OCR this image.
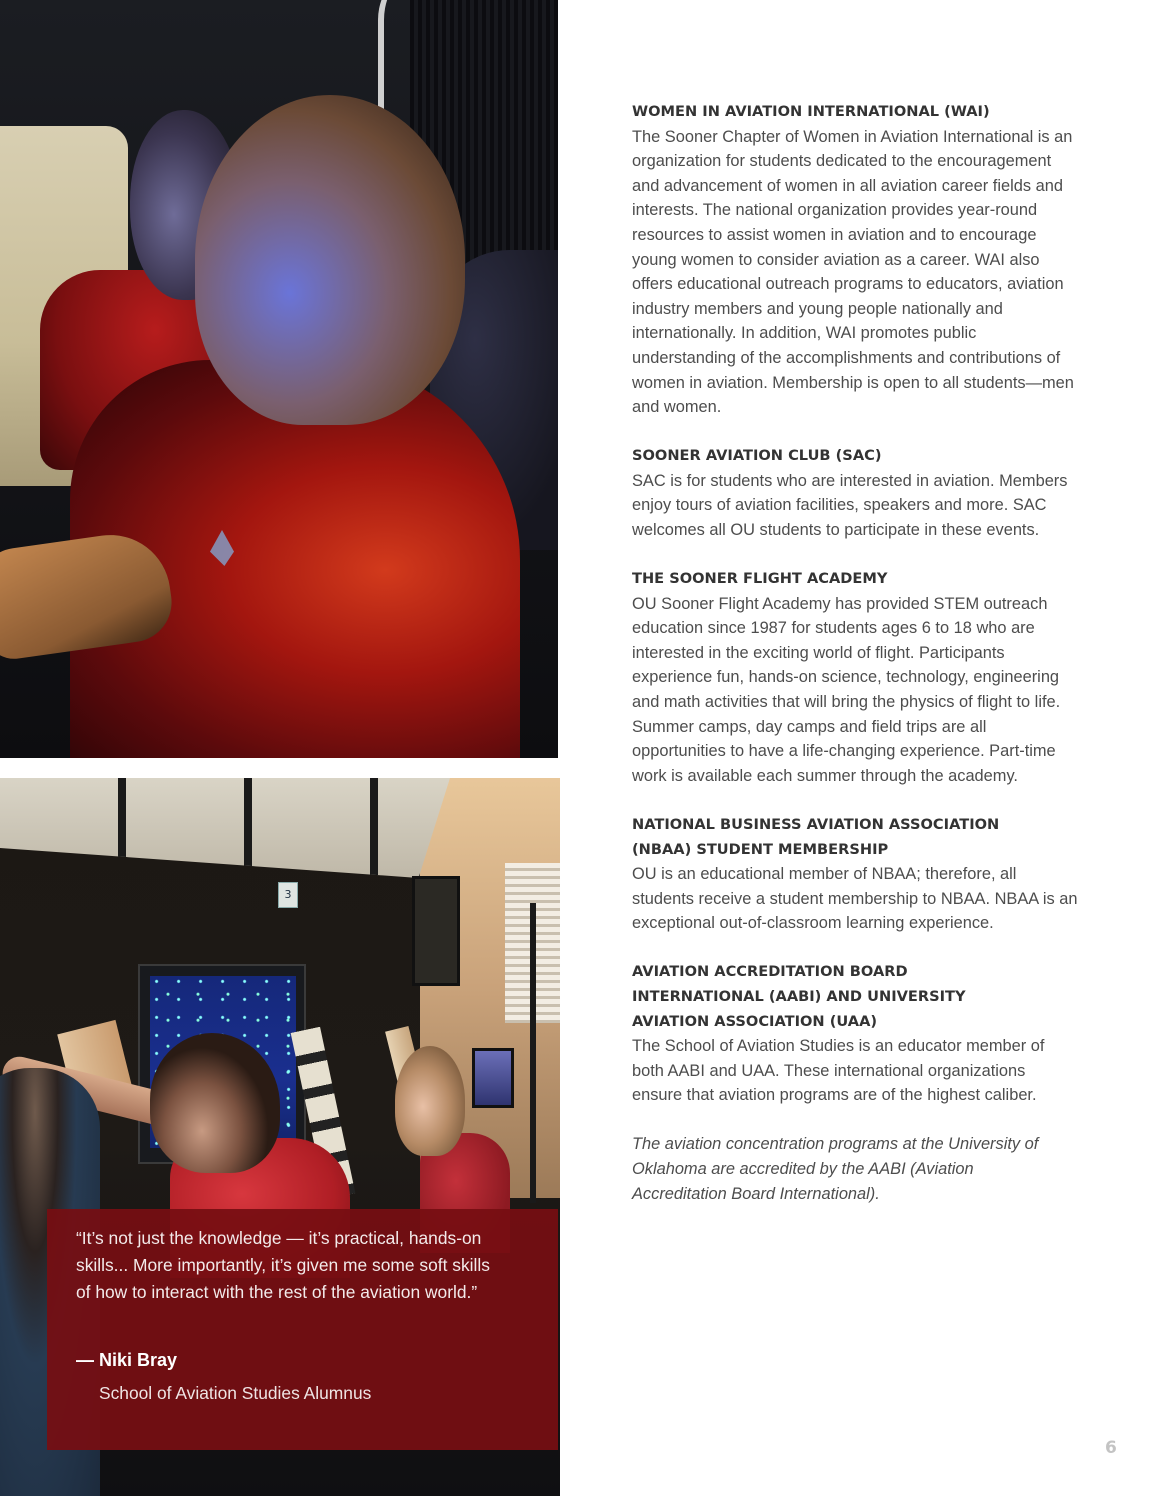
3

“It’s not just the knowledge — it’s practical, hands-on skills... More importantly, it’s given me some soft skills of how to interact with the rest of the aviation world.”

— Niki Bray

School of Aviation Studies Alumnus

WOMEN IN AVIATION INTERNATIONAL (WAI)

The Sooner Chapter of Women in Aviation International is an organization for students dedicated to the encouragement and advancement of women in all aviation career fields and interests. The national organization provides year-round resources to assist women in aviation and to encourage young women to consider aviation as a career. WAI also offers educational outreach programs to educators, aviation industry members and young people nationally and internationally. In addition, WAI promotes public understanding of the accomplishments and contributions of women in aviation. Membership is open to all students—men and women.

SOONER AVIATION CLUB (SAC)

SAC is for students who are interested in aviation. Members enjoy tours of aviation facilities, speakers and more. SAC welcomes all OU students to participate in these events.

THE SOONER FLIGHT ACADEMY

OU Sooner Flight Academy has provided STEM outreach education since 1987 for students ages 6 to 18 who are interested in the exciting world of flight. Participants experience fun, hands-on science, technology, engineering and math activities that will bring the physics of flight to life. Summer camps, day camps and field trips are all opportunities to have a life-changing experience. Part-time work is available each summer through the academy.

NATIONAL BUSINESS AVIATION ASSOCIATION (NBAA) STUDENT MEMBERSHIP

OU is an educational member of NBAA; therefore, all students receive a student membership to NBAA. NBAA is an exceptional out-of-classroom learning experience.

AVIATION ACCREDITATION BOARD INTERNATIONAL (AABI) AND UNIVERSITY AVIATION ASSOCIATION (UAA)

The School of Aviation Studies is an educator member of both AABI and UAA. These international organizations ensure that aviation programs are of the highest caliber.

The aviation concentration programs at the University of Oklahoma are accredited by the AABI (Aviation Accreditation Board International).

6
